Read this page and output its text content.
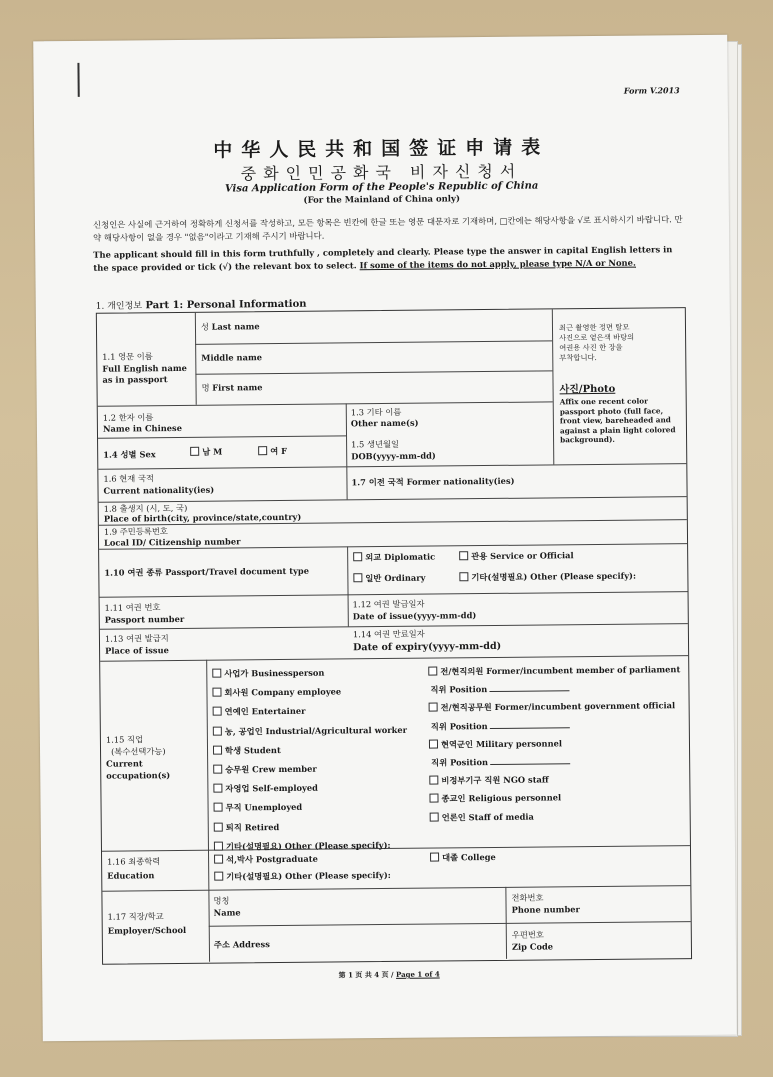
Form V.2013
中华人民共和国签证申请表
중화인민공화국 비자신청서
Visa Application Form of the People's Republic of China
(For the Mainland of China only)
신청인은 사실에 근거하여 정확하게 신청서를 작성하고, 모든 항목은 빈칸에 한글 또는 영문 대문자로 기재하며, □칸에는 해당사항을 √로 표시하시기 바랍니다. 만약 해당사항이 없을 경우 "없음"이라고 기재해 주시기 바랍니다.
The applicant should fill in this form truthfully , completely and clearly. Please type the answer in capital English letters in the space provided or tick (√) the relevant box to select. If some of the items do not apply, please type N/A or None.
1. 개인정보 Part 1: Personal Information
1.1 영문 이름
Full English name
as in passport
성 Last name
Middle name
명 First name
최근 촬영한 정면 탈모
사진으로 옅은색 바탕의
여권용 사진 한 장을
부착합니다.
사진/Photo
Affix one recent color passport photo (full face, front view, bareheaded and against a plain light colored background).
1.2 한자 이름
Name in Chinese
1.3 기타 이름
Other name(s)
1.4 성별 Sex	남 M	여 F
1.5 생년월일
DOB(yyyy-mm-dd)
1.6 현재 국적
Current nationality(ies)
1.7 이전 국적 Former nationality(ies)
1.8 출생지 (시, 도, 국)
Place of birth(city, province/state,country)
1.9 주민등록번호
Local ID/ Citizenship number
1.10 여권 종류 Passport/Travel document type
외교 Diplomatic	관용 Service or Official
일반 Ordinary	기타(설명필요) Other (Please specify):
1.11 여권 번호
Passport number
1.12 여권 발급일자
Date of issue(yyyy-mm-dd)
1.13 여권 발급지
Place of issue
1.14 여권 만료일자
Date of expiry(yyyy-mm-dd)
1.15 직업
(복수선택가능)
Current
occupation(s)
사업가 Businessperson
회사원 Company employee
연예인 Entertainer
농, 공업인 Industrial/Agricultural worker
학생 Student
승무원 Crew member
자영업 Self-employed
무직 Unemployed
퇴직 Retired
기타(설명필요) Other (Please specify):
전/현직의원 Former/incumbent member of parliament
직위 Position
전/현직공무원 Former/incumbent government official
직위 Position
현역군인 Military personnel
직위 Position
비정부기구 직원 NGO staff
종교인 Religious personnel
언론인 Staff of media
1.16 최종학력
Education
석,박사 Postgraduate	대졸 College
기타(설명필요) Other (Please specify):
1.17 직장/학교
Employer/School
명칭
Name
전화번호
Phone number
주소 Address
우편번호
Zip Code
第 1 页 共 4 页 / Page 1 of 4
